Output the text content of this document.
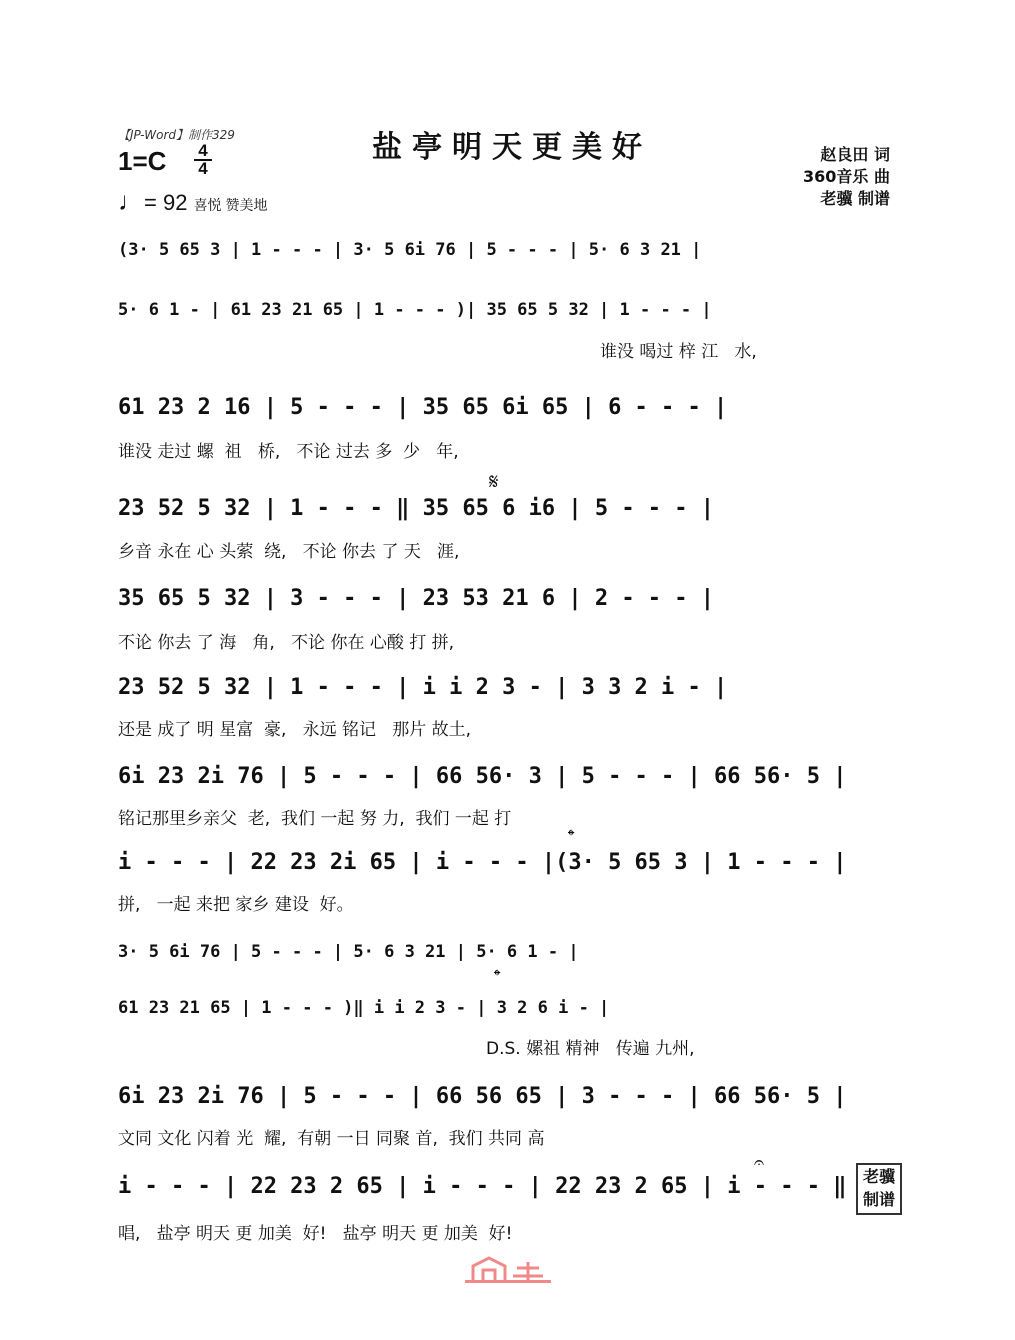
【JP-Word】制作329
$1=C \frac{4}{4}$
♩= 92 喜悦 赞美地
盐亭明天更美好	赵良田 词
360音乐 曲
老骥 制谱
(3· 5 65 3 | 1 - - - | 3· 5 6i 76 | 5 - - - | 5· 6 3 21 |
5· 6 1 - | 61 23 21 65 | 1 - - - )| 35 65 5 32 | 1 - - - |
谁没 喝过 梓 江   水,
61 23 2 16 | 5 - - - | 35 65 6i 65 | 6 - - - |
谁没 走过 螺  祖   桥,   不论 过去 多  少   年,
𝄋
23 52 5 32 | 1 - - - ‖ 35 65 6 i6 | 5 - - - |
乡音 永在 心 头萦  绕,   不论 你去 了 天   涯,
35 65 5 32 | 3 - - - | 23 53 21 6 | 2 - - - |
不论 你去 了 海   角,   不论 你在 心酸 打 拼,
23 52 5 32 | 1 - - - | i i 2 3 - | 3 3 2 i - |
还是 成了 明 星富  豪,   永远 铭记   那片 故土,
6i 23 2i 76 | 5 - - - | 66 56· 3 | 5 - - - | 66 56· 5 |
铭记那里乡亲父  老,  我们 一起 努 力,  我们 一起 打
𝄌
i - - - | 22 23 2i 65 | i - - - |(3· 5 65 3 | 1 - - - |
拼,   一起 来把 家乡 建设  好。
3· 5 6i 76 | 5 - - - | 5· 6 3 21 | 5· 6 1 - |
𝄌
61 23 21 65 | 1 - - - )‖ i i 2 3 - | 3 2 6 i - |
D.S. 嫘祖 精神   传遍 九州,
6i 23 2i 76 | 5 - - - | 66 56 65 | 3 - - - | 66 56· 5 |
文同 文化 闪着 光  耀,  有朝 一日 同聚 首,  我们 共同 高
𝄐
i - - - | 22 23 2 65 | i - - - | 22 23 2 65 | i - - - ‖
唱,   盐亭 明天 更 加美  好!   盐亭 明天 更 加美  好!
老骥制谱
